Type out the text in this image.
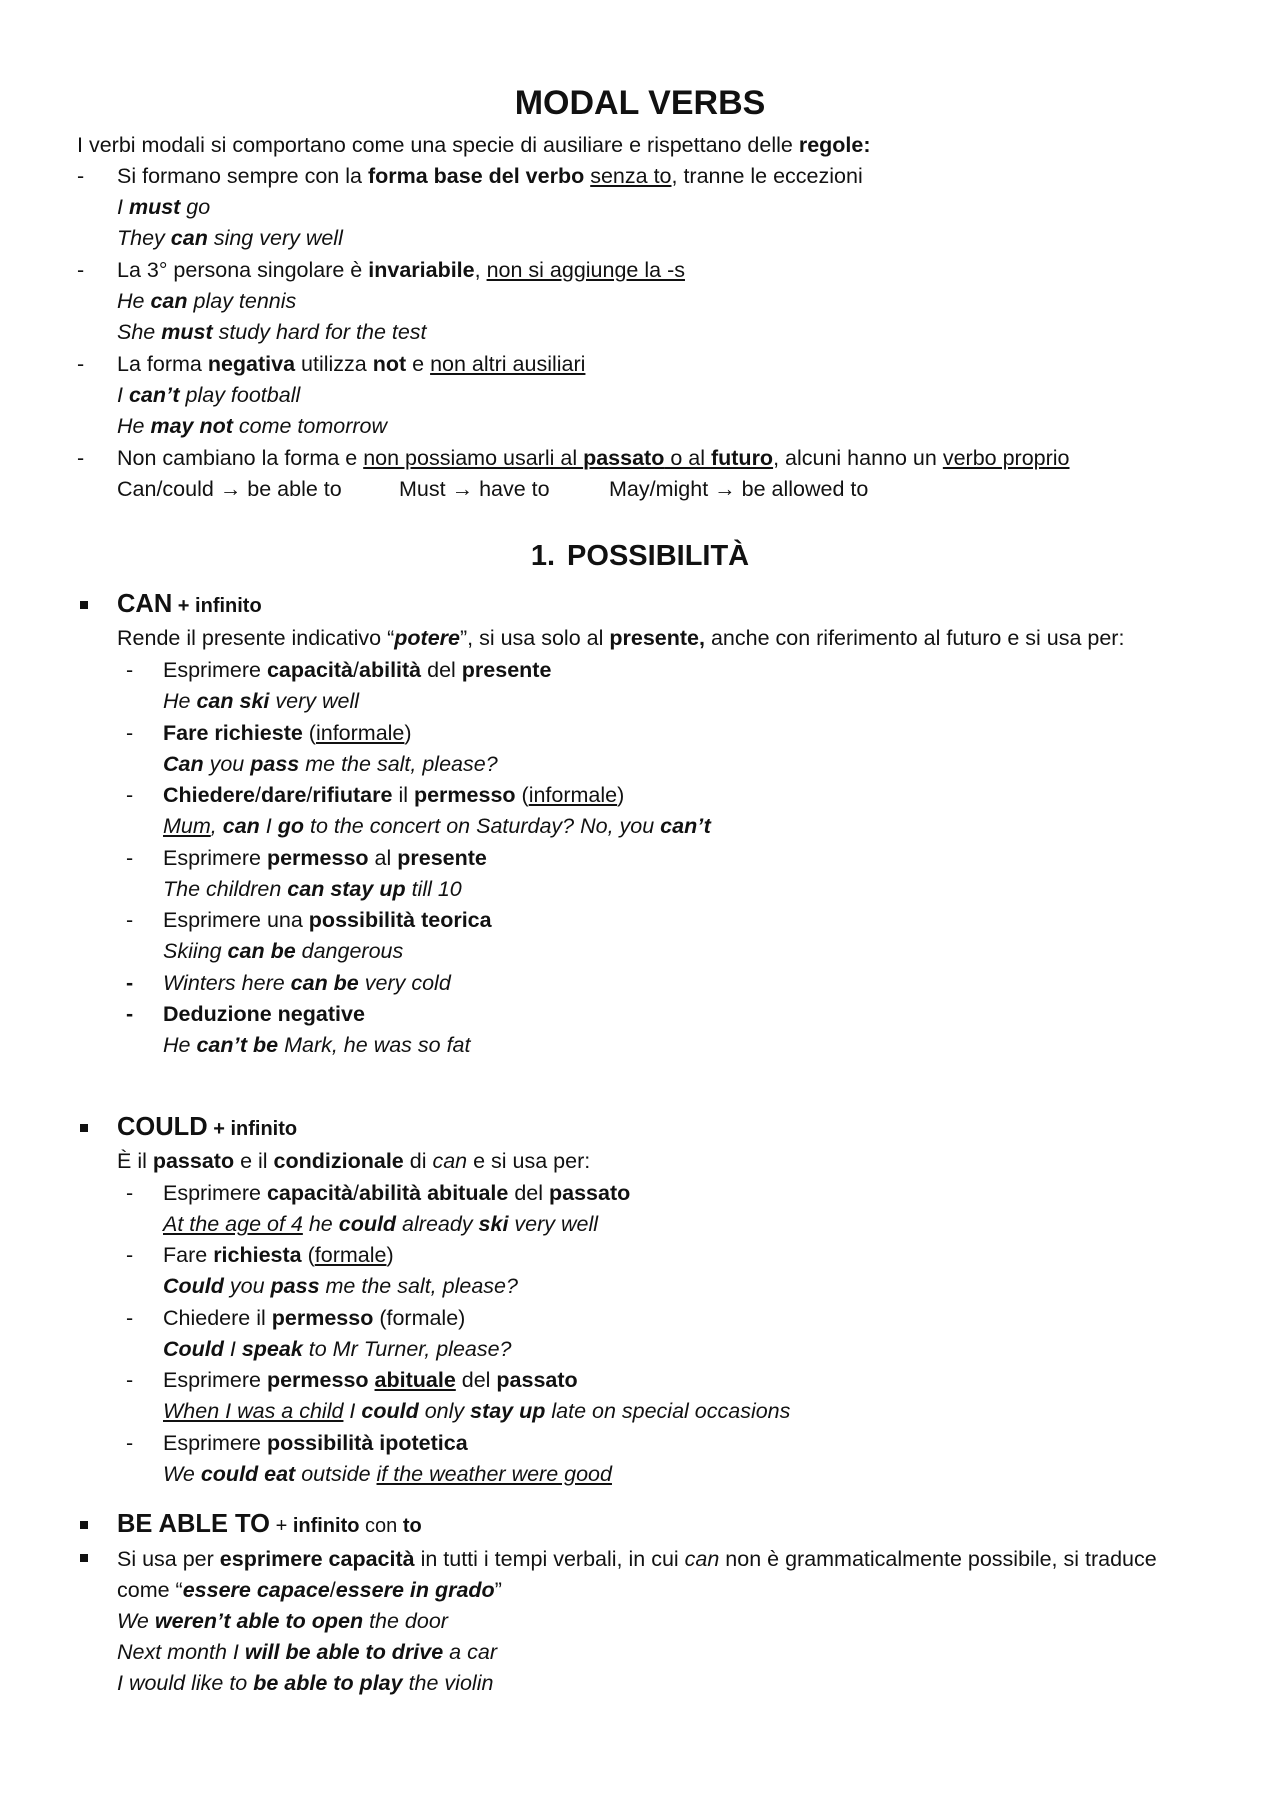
MODAL VERBS
I verbi modali si comportano come una specie di ausiliare e rispettano delle regole:
- Si formano sempre con la forma base del verbo senza to, tranne le eccezioni
I must go
They can sing very well
- La 3° persona singolare è invariabile, non si aggiunge la -s
He can play tennis
She must study hard for the test
- La forma negativa utilizza not e non altri ausiliari
I can’t play football
He may not come tomorrow
- Non cambiano la forma e non possiamo usarli al passato o al futuro, alcuni hanno un verbo proprio
Can/could → be able to	Must → have to	May/might → be allowed to
1. POSSIBILITÀ
CAN + infinito
Rende il presente indicativo “potere”, si usa solo al presente, anche con riferimento al futuro e si usa per:
- Esprimere capacità/abilità del presente
He can ski very well
- Fare richieste (informale)
Can you pass me the salt, please?
- Chiedere/dare/rifiutare il permesso (informale)
Mum, can I go to the concert on Saturday? No, you can’t
- Esprimere permesso al presente
The children can stay up till 10
- Esprimere una possibilità teorica
Skiing can be dangerous
- Winters here can be very cold
- Deduzione negative
He can’t be Mark, he was so fat
COULD + infinito
È il passato e il condizionale di can e si usa per:
- Esprimere capacità/abilità abituale del passato
At the age of 4 he could already ski very well
- Fare richiesta (formale)
Could you pass me the salt, please?
- Chiedere il permesso (formale)
Could I speak to Mr Turner, please?
- Esprimere permesso abituale del passato
When I was a child I could only stay up late on special occasions
- Esprimere possibilità ipotetica
We could eat outside if the weather were good
BE ABLE TO + infinito con to
Si usa per esprimere capacità in tutti i tempi verbali, in cui can non è grammaticalmente possibile, si traduce
come “essere capace/essere in grado”
We weren’t able to open the door
Next month I will be able to drive a car
I would like to be able to play the violin
